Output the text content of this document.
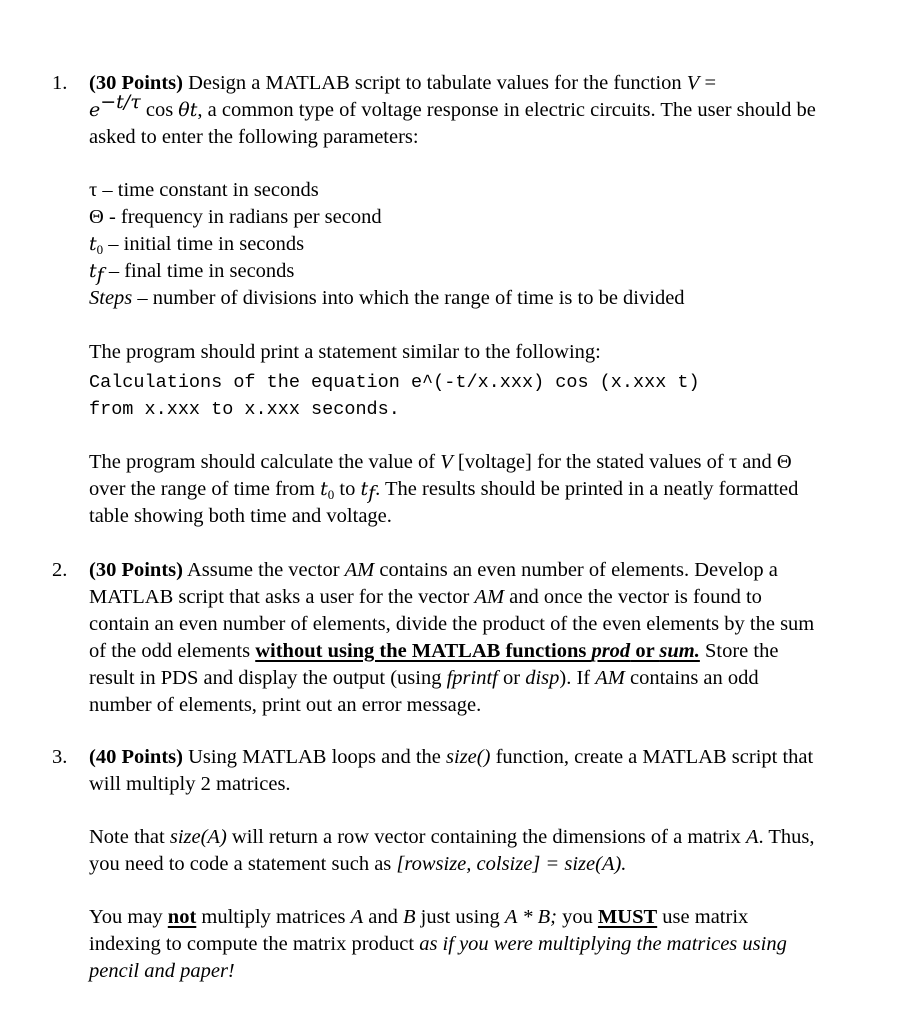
1. (30 Points) Design a MATLAB script to tabulate values for the function V =
$e^{-t/\tau}$ cos θt, a common type of voltage response in electric circuits. The user should be
asked to enter the following parameters:
τ – time constant in seconds
Θ - frequency in radians per second
$t_0$ – initial time in seconds
$t_f$ – final time in seconds
Steps – number of divisions into which the range of time is to be divided
The program should print a statement similar to the following:
Calculations of the equation e^(-t/x.xxx) cos (x.xxx t)
from x.xxx to x.xxx seconds.
The program should calculate the value of V [voltage] for the stated values of τ and Θ
over the range of time from $t_0$ to $t_f$. The results should be printed in a neatly formatted
table showing both time and voltage.
2. (30 Points) Assume the vector AM contains an even number of elements. Develop a
MATLAB script that asks a user for the vector AM and once the vector is found to
contain an even number of elements, divide the product of the even elements by the sum
of the odd elements without using the MATLAB functions prod or sum. Store the
result in PDS and display the output (using fprintf or disp). If AM contains an odd
number of elements, print out an error message.
3. (40 Points) Using MATLAB loops and the size() function, create a MATLAB script that
will multiply 2 matrices.
Note that size(A) will return a row vector containing the dimensions of a matrix A. Thus,
you need to code a statement such as [rowsize, colsize] = size(A).
You may not multiply matrices A and B just using A * B; you MUST use matrix
indexing to compute the matrix product as if you were multiplying the matrices using
pencil and paper!
